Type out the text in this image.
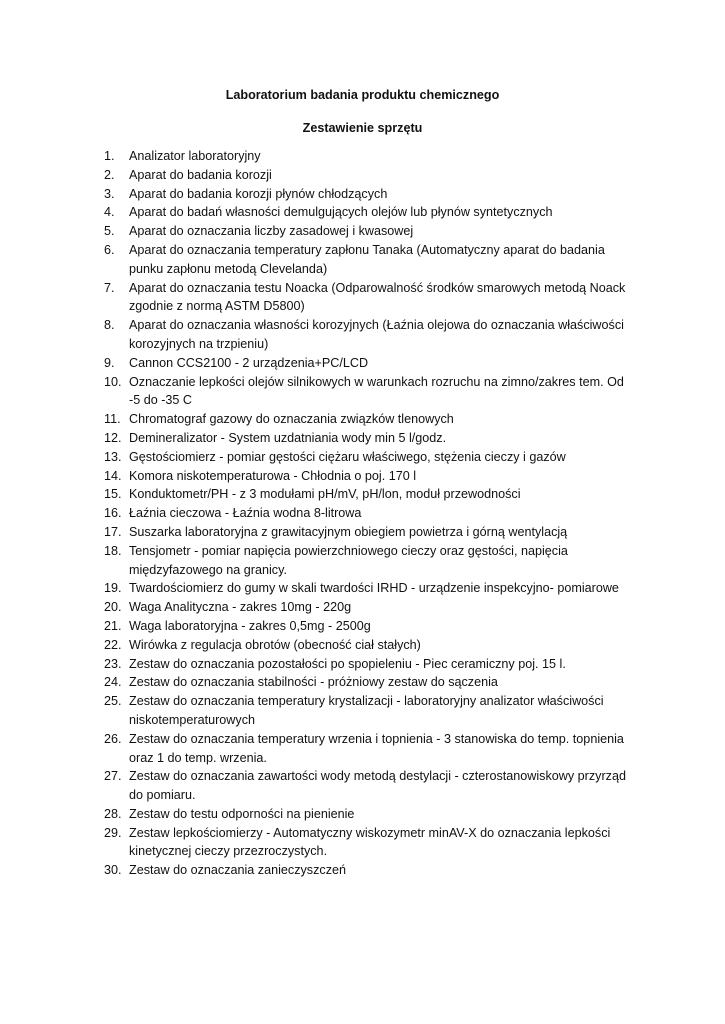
Laboratorium badania produktu chemicznego
Zestawienie sprzętu
1.	Analizator laboratoryjny
2.	Aparat do badania korozji
3.	Aparat do badania korozji płynów chłodzących
4.	Aparat do badań własności demulgujących olejów lub płynów syntetycznych
5.	Aparat do oznaczania liczby zasadowej i kwasowej
6.	Aparat do oznaczania temperatury zapłonu Tanaka (Automatyczny aparat do badania punku zapłonu metodą Clevelanda)
7.	Aparat do oznaczania testu Noacka (Odparowalność środków smarowych metodą Noack zgodnie z normą ASTM D5800)
8.	Aparat do oznaczania własności korozyjnych (Łaźnia olejowa do oznaczania właściwości korozyjnych na trzpieniu)
9.	Cannon CCS2100 - 2 urządzenia+PC/LCD
10. Oznaczanie lepkości olejów silnikowych w warunkach rozruchu na zimno/zakres tem. Od -5 do -35 C
11. Chromatograf gazowy do oznaczania związków tlenowych
12. Demineralizator - System uzdatniania wody min 5 l/godz.
13. Gęstościomierz - pomiar gęstości ciężaru właściwego, stężenia cieczy i gazów
14. Komora niskotemperaturowa - Chłodnia o poj. 170 l
15. Konduktometr/PH - z 3 modułami pH/mV, pH/lon, moduł przewodności
16. Łaźnia cieczowa - Łaźnia wodna 8-litrowa
17. Suszarka laboratoryjna z grawitacyjnym obiegiem powietrza i górną wentylacją
18. Tensjometr - pomiar napięcia powierzchniowego cieczy oraz gęstości, napięcia międzyfazowego na granicy.
19. Twardościomierz do gumy w skali twardości IRHD - urządzenie inspekcyjno- pomiarowe
20. Waga Analityczna - zakres 10mg - 220g
21. Waga laboratoryjna - zakres 0,5mg - 2500g
22. Wirówka z regulacja obrotów (obecność ciał stałych)
23. Zestaw do oznaczania pozostałości po spopieleniu - Piec ceramiczny poj. 15 l.
24. Zestaw do oznaczania stabilności - próżniowy zestaw do sączenia
25. Zestaw do oznaczania temperatury krystalizacji - laboratoryjny analizator właściwości niskotemperaturowych
26. Zestaw do oznaczania temperatury wrzenia i topnienia - 3 stanowiska do temp. topnienia oraz 1 do temp. wrzenia.
27. Zestaw do oznaczania zawartości wody metodą destylacji - czterostanowiskowy przyrząd do pomiaru.
28. Zestaw do testu odporności na pienienie
29. Zestaw lepkościomierzy - Automatyczny wiskozymetr minAV-X do oznaczania lepkości kinetycznej cieczy przezroczystych.
30. Zestaw do oznaczania zanieczyszczeń
